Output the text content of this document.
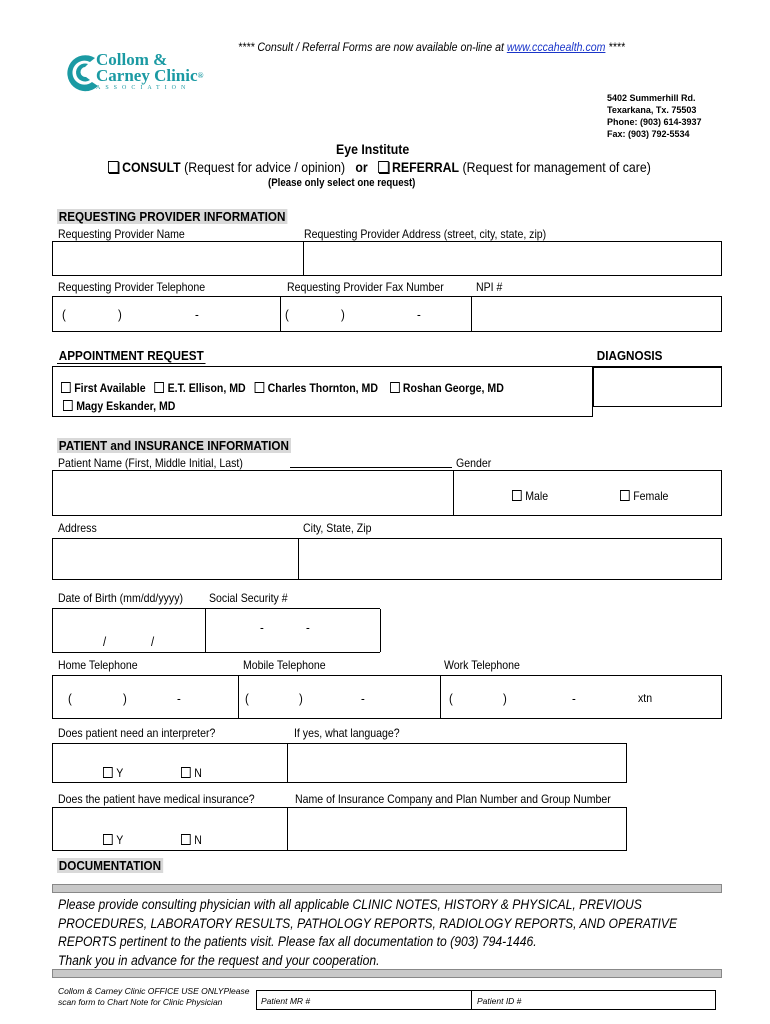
**** Consult / Referral Forms are now available on-line at www.cccahealth.com ****
Collom &
Carney Clinic®
ASSOCIATION
5402 Summerhill Rd.
Texarkana, Tx. 75503
Phone: (903) 614-3937
Fax: (903) 792-5534
Eye Institute
CONSULT (Request for advice / opinion) or REFERRAL (Request for management of care)
(Please only select one request)
REQUESTING PROVIDER INFORMATION
Requesting Provider Name	Requesting Provider Address (street, city, state, zip)
Requesting Provider Telephone	Requesting Provider Fax Number	NPI #
(	)	-	(	)	-
APPOINTMENT REQUEST	DIAGNOSIS
First Available E.T. Ellison, MD Charles Thornton, MD Roshan George, MD
Magy Eskander, MD
PATIENT and INSURANCE INFORMATION
Patient Name (First, Middle Initial, Last)	Gender
Male	Female
Address	City, State, Zip
Date of Birth (mm/dd/yyyy) Social Security #
/	/
-	-
Home Telephone	Mobile Telephone	Work Telephone
(	)	-	(	)	-	(	)	-	xtn
Does patient need an interpreter?	If yes, what language?
Y	N
Does the patient have medical insurance?	Name of Insurance Company and Plan Number and Group Number
Y	N
DOCUMENTATION
Please provide consulting physician with all applicable CLINIC NOTES, HISTORY & PHYSICAL, PREVIOUS
PROCEDURES, LABORATORY RESULTS, PATHOLOGY REPORTS, RADIOLOGY REPORTS, AND OPERATIVE
REPORTS pertinent to the patients visit. Please fax all documentation to (903) 794-1446.
Thank you in advance for the request and your cooperation.
Collom & Carney Clinic OFFICE USE ONLYPlease
scan form to Chart Note for Clinic Physician	Patient MR #	Patient ID #
